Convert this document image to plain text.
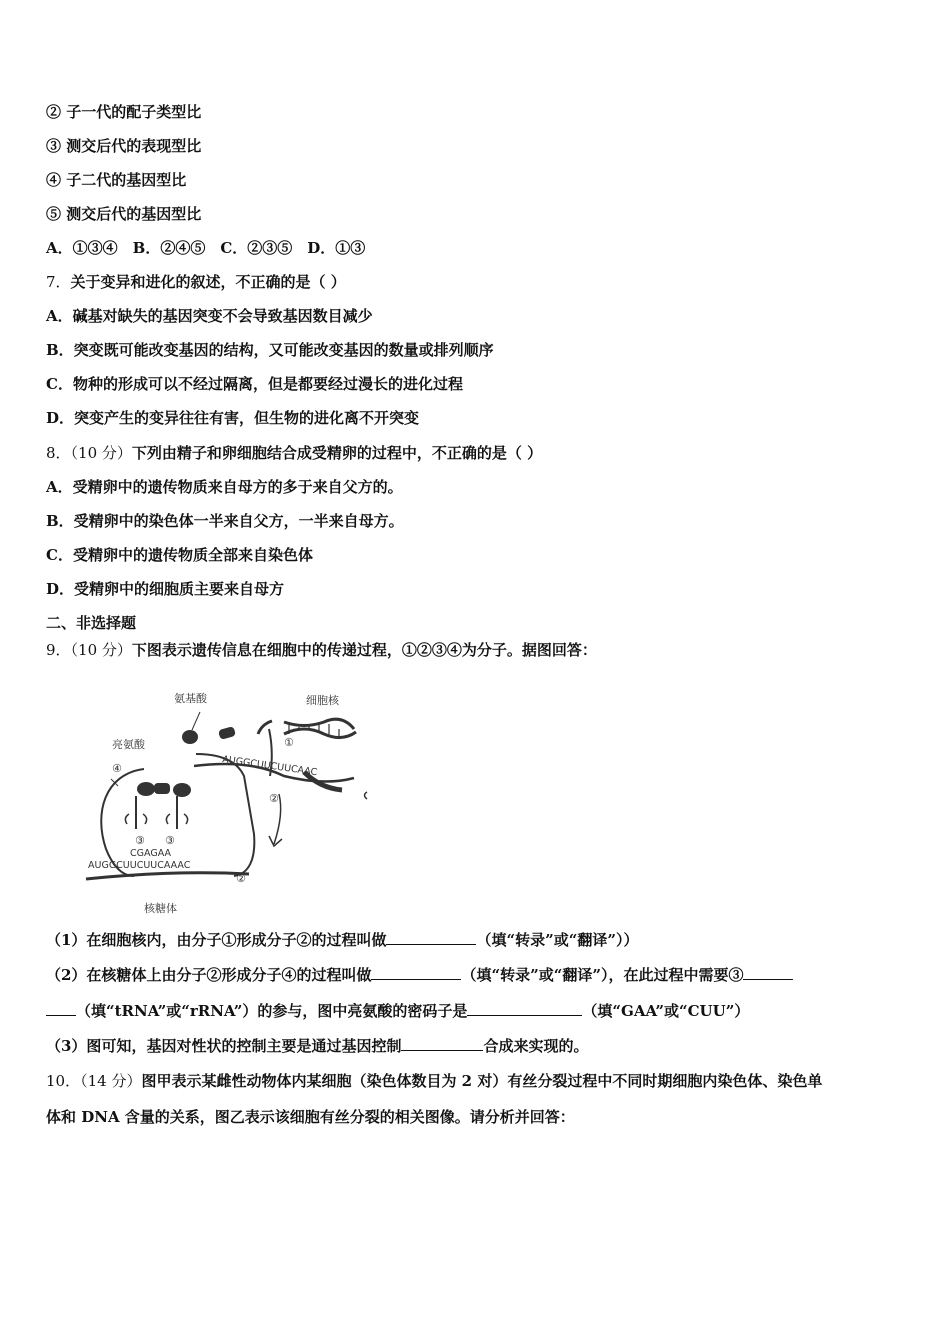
② 子一代的配子类型比
③ 测交后代的表现型比
④ 子二代的基因型比
⑤ 测交后代的基因型比
A．①③④　B．②④⑤　C．②③⑤　D．①③
7．关于变异和进化的叙述，不正确的是（ ）
A．碱基对缺失的基因突变不会导致基因数目减少
B．突变既可能改变基因的结构，又可能改变基因的数量或排列顺序
C．物种的形成可以不经过隔离，但是都要经过漫长的进化过程
D．突变产生的变异往往有害，但生物的进化离不开突变
8．（10 分）下列由精子和卵细胞结合成受精卵的过程中，不正确的是（ ）
A．受精卵中的遗传物质来自母方的多于来自父方的。
B．受精卵中的染色体一半来自父方，一半来自母方。
C．受精卵中的遗传物质全部来自染色体
D．受精卵中的细胞质主要来自母方
二、非选择题
9．（10 分）下图表示遗传信息在细胞中的传递过程，①②③④为分子。据图回答：
氨基酸	细胞核
亮氨酸
核糖体
④
①
②
②
③ ③
AUGGCUUCUUCAAC
AUGGCUUCUUCAAAC
CGAGAA
（1）在细胞核内，由分子①形成分子②的过程叫做	（填“转录”或“翻译”））
（2）在核糖体上由分子②形成分子④的过程叫做	（填“转录”或“翻译”），在此过程中需要③
（填“tRNA”或“rRNA”）的参与，图中亮氨酸的密码子是	（填“GAA”或“CUU”）
（3）图可知，基因对性状的控制主要是通过基因控制	合成来实现的。
10．（14 分）图甲表示某雌性动物体内某细胞（染色体数目为 2 对）有丝分裂过程中不同时期细胞内染色体、染色单
体和 DNA 含量的关系，图乙表示该细胞有丝分裂的相关图像。请分析并回答：
